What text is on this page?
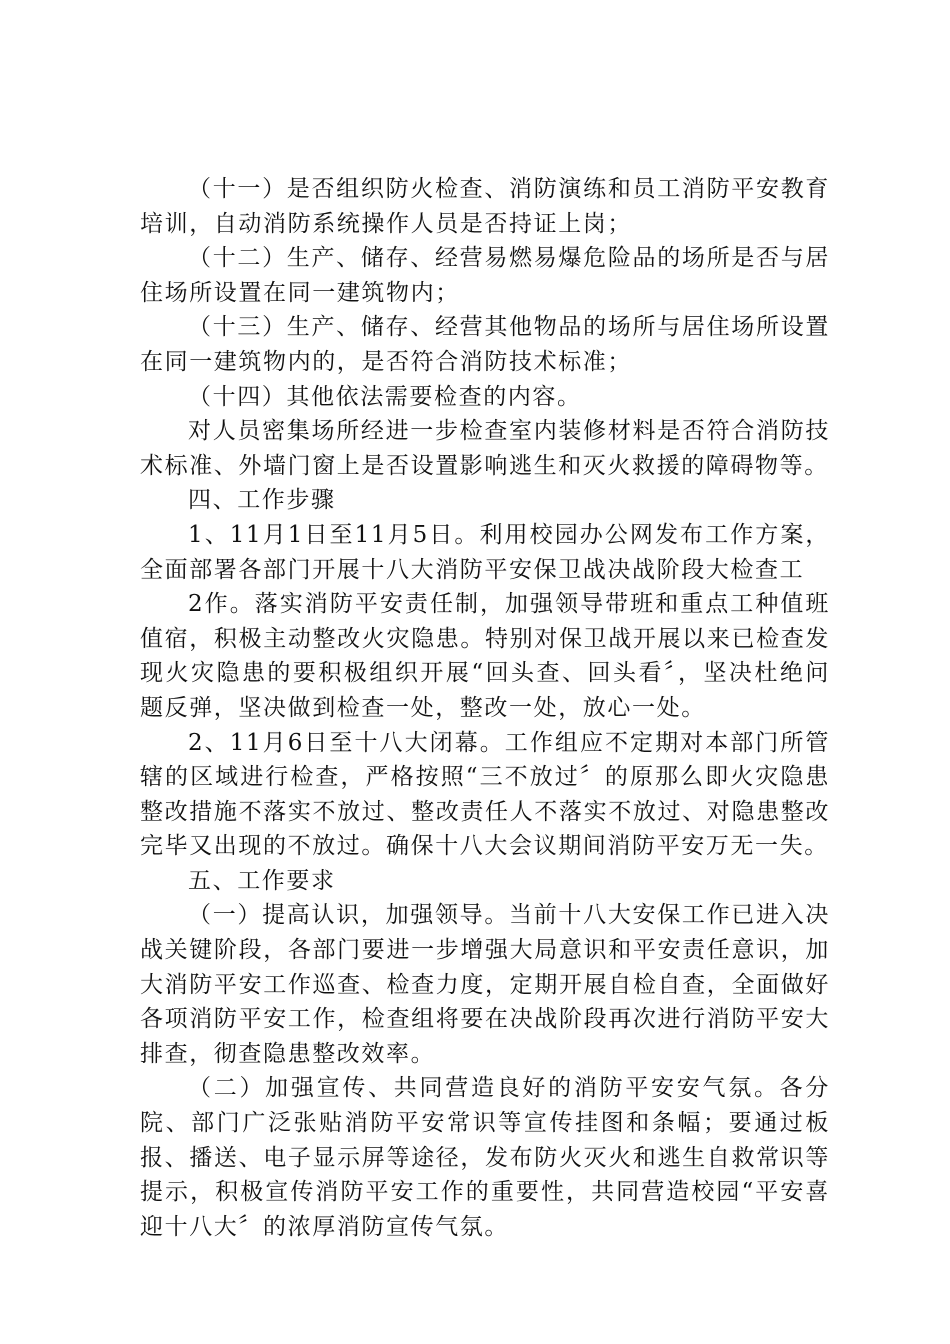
（十一）是否组织防火检查、消防演练和员工消防平安教育培训，自动消防系统操作人员是否持证上岗；

（十二）生产、储存、经营易燃易爆危险品的场所是否与居住场所设置在同一建筑物内；

（十三）生产、储存、经营其他物品的场所与居住场所设置在同一建筑物内的，是否符合消防技术标准；

（十四）其他依法需要检查的内容。

对人员密集场所经进一步检查室内装修材料是否符合消防技术标准、外墙门窗上是否设置影响逃生和灭火救援的障碍物等。

四、工作步骤

1、11月1日至11月5日。利用校园办公网发布工作方案，全面部署各部门开展十八大消防平安保卫战决战阶段大检查工

2作。落实消防平安责任制，加强领导带班和重点工种值班值宿，积极主动整改火灾隐患。特别对保卫战开展以来已检查发现火灾隐患的要积极组织开展“回头查、回头看〞，坚决杜绝问题反弹，坚决做到检查一处，整改一处，放心一处。

2、11月6日至十八大闭幕。工作组应不定期对本部门所管辖的区域进行检查，严格按照“三不放过〞的原那么即火灾隐患整改措施不落实不放过、整改责任人不落实不放过、对隐患整改完毕又出现的不放过。确保十八大会议期间消防平安万无一失。

五、工作要求

（一）提高认识，加强领导。当前十八大安保工作已进入决战关键阶段，各部门要进一步增强大局意识和平安责任意识，加大消防平安工作巡查、检查力度，定期开展自检自查，全面做好各项消防平安工作，检查组将要在决战阶段再次进行消防平安大排查，彻查隐患整改效率。

（二）加强宣传、共同营造良好的消防平安安气氛。各分院、部门广泛张贴消防平安常识等宣传挂图和条幅；要通过板报、播送、电子显示屏等途径，发布防火灭火和逃生自救常识等提示，积极宣传消防平安工作的重要性，共同营造校园“平安喜迎十八大〞的浓厚消防宣传气氛。
